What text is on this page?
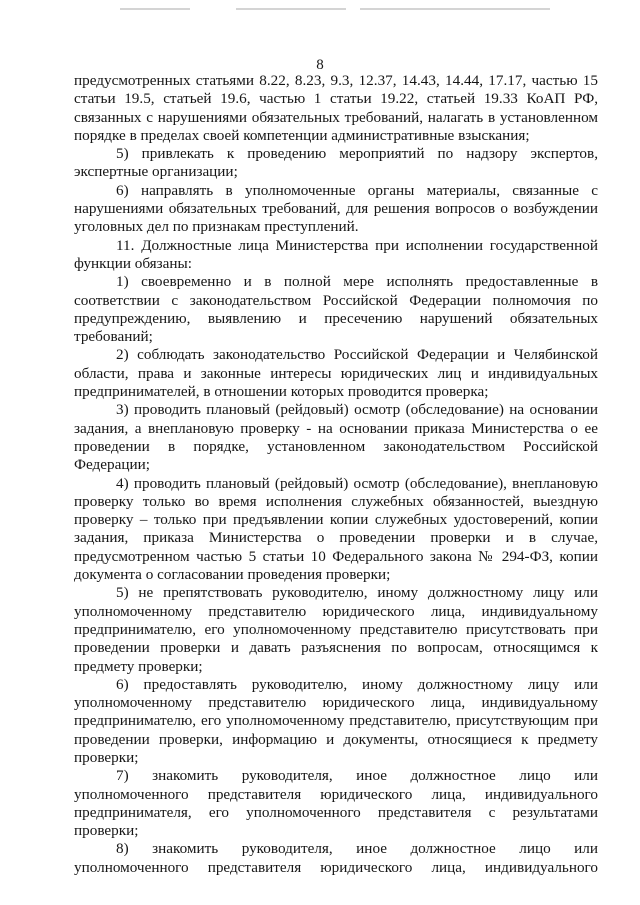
8
предусмотренных статьями 8.22, 8.23, 9.3, 12.37, 14.43, 14.44, 17.17, частью 15
статьи 19.5, статьей 19.6, частью 1 статьи 19.22, статьей 19.33 КоАП РФ,
связанных с нарушениями обязательных требований, налагать в установленном
порядке в пределах своей компетенции административные взыскания;
5) привлекать к проведению мероприятий по надзору экспертов,
экспертные организации;
6) направлять в уполномоченные органы материалы, связанные с
нарушениями обязательных требований, для решения вопросов о возбуждении
уголовных дел по признакам преступлений.
11. Должностные лица Министерства при исполнении государственной
функции обязаны:
1) своевременно и в полной мере исполнять предоставленные в
соответствии с законодательством Российской Федерации полномочия по
предупреждению, выявлению и пресечению нарушений обязательных
требований;
2) соблюдать законодательство Российской Федерации и Челябинской
области, права и законные интересы юридических лиц и индивидуальных
предпринимателей, в отношении которых проводится проверка;
3) проводить плановый (рейдовый) осмотр (обследование) на основании
задания, а внеплановую проверку - на основании приказа Министерства о ее
проведении в порядке, установленном законодательством Российской
Федерации;
4) проводить плановый (рейдовый) осмотр (обследование), внеплановую
проверку только во время исполнения служебных обязанностей, выездную
проверку – только при предъявлении копии служебных удостоверений, копии
задания, приказа Министерства о проведении проверки и в случае,
предусмотренном частью 5 статьи 10 Федерального закона № 294-ФЗ, копии
документа о согласовании проведения проверки;
5) не препятствовать руководителю, иному должностному лицу или
уполномоченному представителю юридического лица, индивидуальному
предпринимателю, его уполномоченному представителю присутствовать при
проведении проверки и давать разъяснения по вопросам, относящимся к
предмету проверки;
6) предоставлять руководителю, иному должностному лицу или
уполномоченному представителю юридического лица, индивидуальному
предпринимателю, его уполномоченному представителю, присутствующим при
проведении проверки, информацию и документы, относящиеся к предмету
проверки;
7) знакомить руководителя, иное должностное лицо или
уполномоченного представителя юридического лица, индивидуального
предпринимателя, его уполномоченного представителя с результатами
проверки;
8) знакомить руководителя, иное должностное лицо или
уполномоченного представителя юридического лица, индивидуального
